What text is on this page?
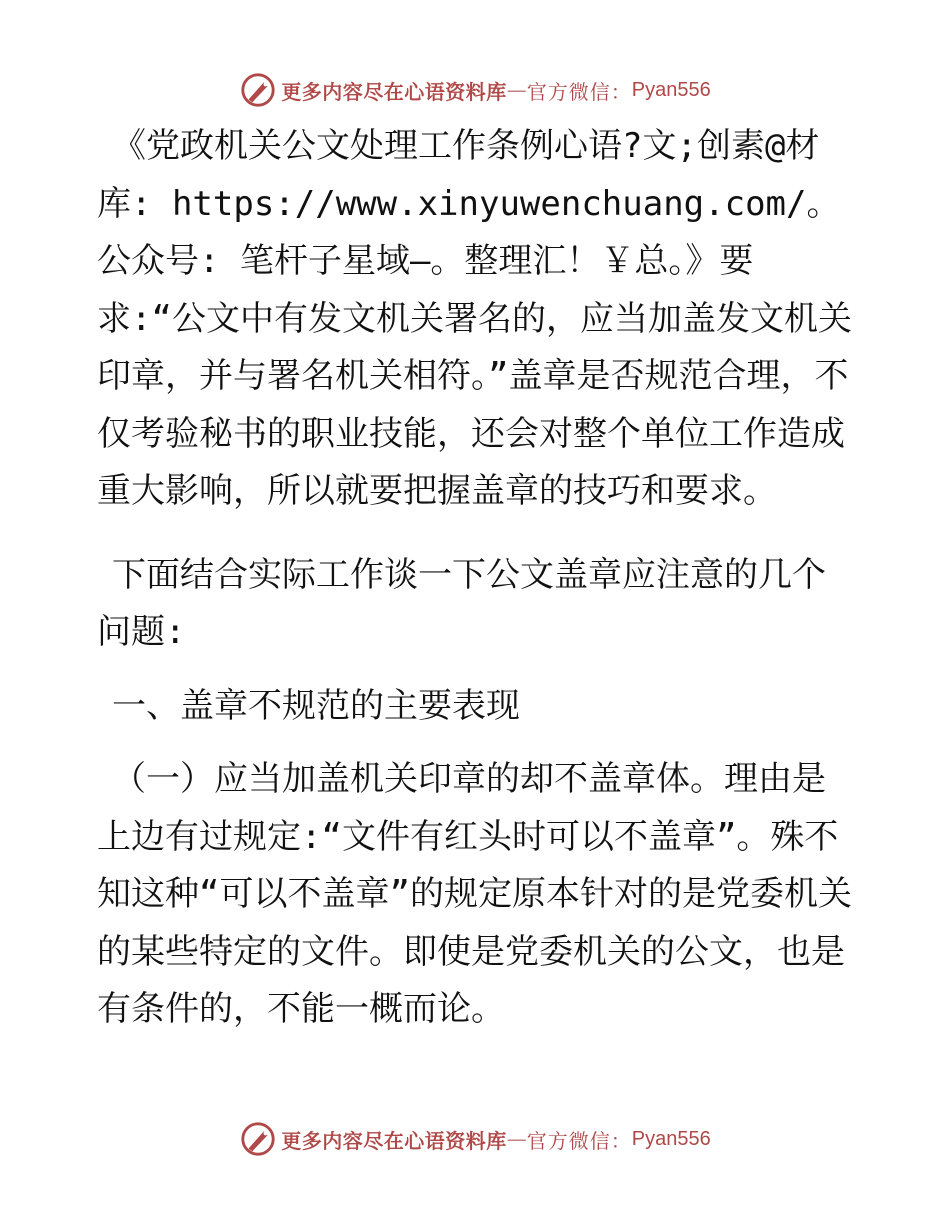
更多内容尽在心语资料库 — 官方微信： Pyan556

《党政机关公文处理工作条例心语?文;创素@材库: https://www.xinyuwenchuang.com/。公众号: 笔杆子星域—。整理汇！￥总。》要求:“公文中有发文机关署名的，应当加盖发文机关印章，并与署名机关相符。”盖章是否规范合理，不仅考验秘书的职业技能，还会对整个单位工作造成重大影响，所以就要把握盖章的技巧和要求。

下面结合实际工作谈一下公文盖章应注意的几个问题:

一、盖章不规范的主要表现

（一）应当加盖机关印章的却不盖章体。理由是上边有过规定:“文件有红头时可以不盖章”。殊不知这种“可以不盖章”的规定原本针对的是党委机关的某些特定的文件。即使是党委机关的公文，也是有条件的，不能一概而论。

更多内容尽在心语资料库 — 官方微信： Pyan556
